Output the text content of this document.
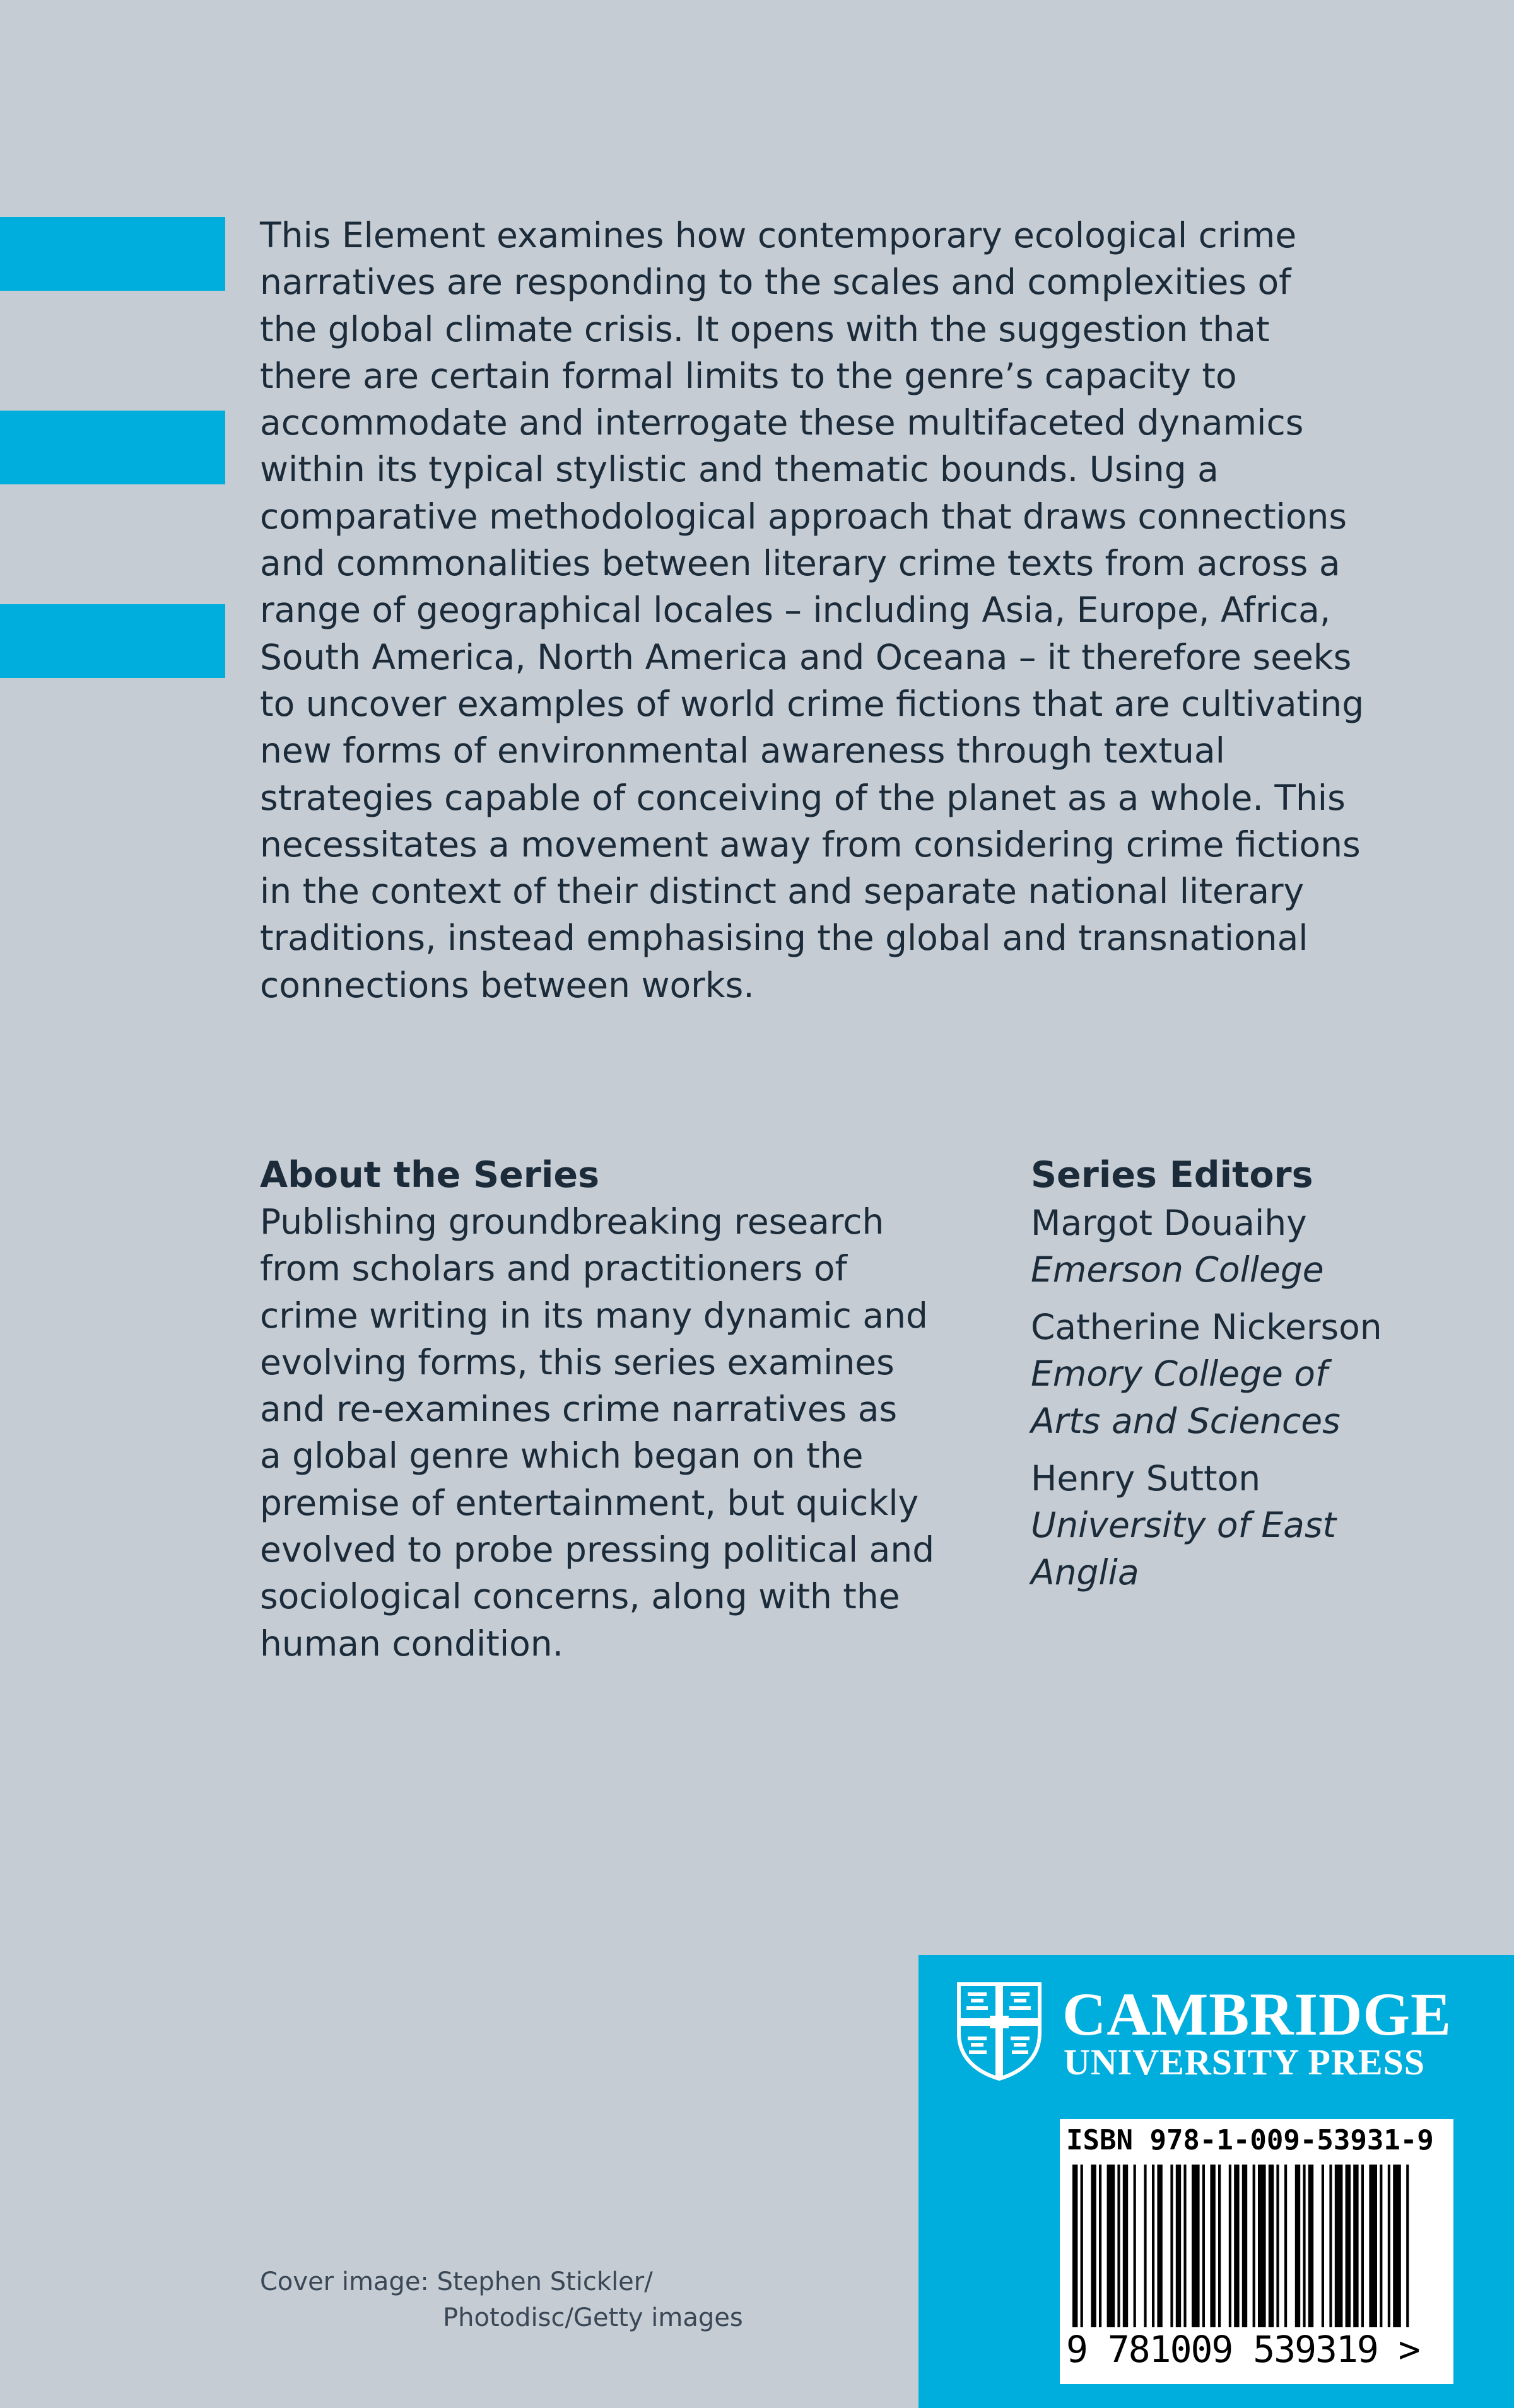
This Element examines how contemporary ecological crime
narratives are responding to the scales and complexities of
the global climate crisis. It opens with the suggestion that
there are certain formal limits to the genre’s capacity to
accommodate and interrogate these multifaceted dynamics
within its typical stylistic and thematic bounds. Using a
comparative methodological approach that draws connections
and commonalities between literary crime texts from across a
range of geographical locales – including Asia, Europe, Africa,
South America, North America and Oceana – it therefore seeks
to uncover examples of world crime fictions that are cultivating
new forms of environmental awareness through textual
strategies capable of conceiving of the planet as a whole. This
necessitates a movement away from considering crime fictions
in the context of their distinct and separate national literary
traditions, instead emphasising the global and transnational
connections between works.
About the Series
Publishing groundbreaking research
from scholars and practitioners of
crime writing in its many dynamic and
evolving forms, this series examines
and re-examines crime narratives as
a global genre which began on the
premise of entertainment, but quickly
evolved to probe pressing political and
sociological concerns, along with the
human condition.
Series Editors
Margot Douaihy
Emerson College
Catherine Nickerson
Emory College of
Arts and Sciences
Henry Sutton
University of East
Anglia
Cover image: Stephen Stickler/
Photodisc/Getty images
CAMBRIDGE
UNIVERSITY PRESS
ISBN 978-1-009-53931-9
9 781009 539319 >
